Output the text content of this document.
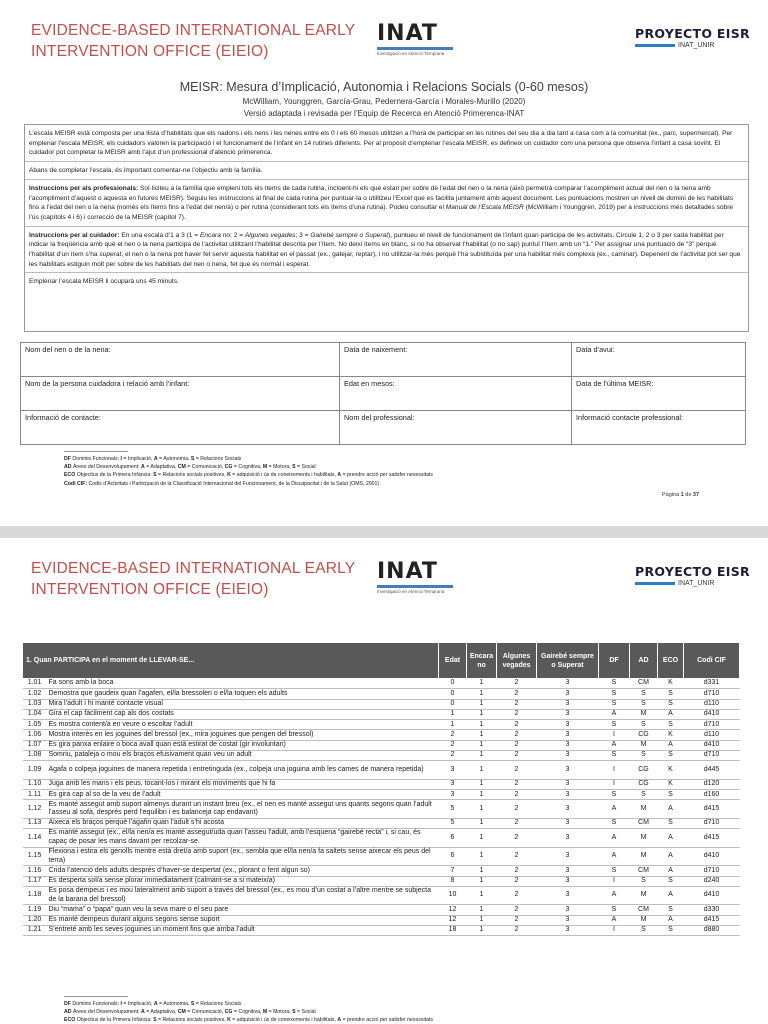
EVIDENCE-BASED INTERNATIONAL EARLY
INTERVENTION OFFICE (EIEIO)
INAT
Investigació en Atenció Temprana
PROYECTO EISR
INAT_UNIR
MEISR: Mesura d’Implicació, Autonomia i Relacions Socials (0-60 mesos)
McWilliam, Younggren, García-Grau, Pedernera-García i Morales-Murillo (2020)
Versió adaptada i revisada per l’Equip de Recerca en Atenció Primerenca-INAT
L’escala MEISR està composta per una llista d’habilitats que els nadons i els nens i les nenes entre els 0 i els 60 mesos utilitzen a l’hora de participar en les rutines del seu dia a dia tant a casa com a la comunitat (ex., parc, supermercat). Per emplenar l’escala MEISR, els cuidadors valoren la participació i el funcionament de l’infant en 14 rutines diferents. Per al propòsit d’emplenar l’escala MEISR, es defineix un cuidador com una persona que observa l’infant a casa sovint. El cuidador pot completar la MEISR amb l’ajut d’un professional d’atenció primerenca.
Abans de completar l’escala, és important comentar-ne l’objectiu amb la família.
Instruccions per als professionals: Sol·liciteu a la família que empleni tots els ítems de cada rutina, incloent-hi els que estan per sobre de l’edat del nen o la nena (això permetrà comparar l’acompliment actual del nen o la nena amb l’acompliment d’aquest o aquesta en futures MEISR). Seguiu les instruccions al final de cada rutina per puntuar-la o utilitzeu l’Excel que es facilita juntament amb aquest document. Les puntuacions mostren un nivell de domini de les habilitats fins a l’edat del nen o la nena (només els ítems fins a l’edat del nen/a) o per rutina (considerant tots els ítems d’una rutina). Podeu consultar el Manual de l’Escala MEISR (McWilliam i Younggren, 2019) per a instruccions més detallades sobre l’ús (capítols 4 i 6) i correcció de la MEISR (capítol 7).
Instruccions per al cuidador: En una escala d’1 a 3 (1 = Encara no; 2 = Algunes vegades; 3 = Gairebé sempre o Superat), puntueu el nivell de funcionament de l’infant quan participa de les activitats. Circule 1, 2 o 3 per cada habilitat per indicar la freqüència amb què el nen o la nena participa de l’activitat utilitzant l’habilitat descrita per l’ítem. No deixi ítems en blanc, si no ha observat l’habilitat (o no sap) puntuï l’ítem amb un “1.” Per assignar una puntuació de “3” perquè l’habilitat d’un ítem s’ha superat, el nen o la nena pot haver fet servir aquesta habilitat en el passat (ex., gatejar, reptar), i no utilitzar-la més perquè l’ha substituïda per una habilitat més complexa (ex., caminar). Depenent de l’activitat pot ser que les habilitats estiguin molt per sobre de les habilitats del nen o nena, fet que és normal i esperat.
Emplenar l’escala MEISR li ocuparà uns 45 minuts.
Nom del nen o de la nena:	Data de naixement:	Data d’avui:
Nom de la persona cuidadora i relació amb l’infant:	Edat en mesos:	Data de l’última MEISR:
Informació de contacte:	Nom del professional:	Informació contacte professional:
DF Dominis Funcionals: I = Implicació, A = Autonomia, S = Relacions Socials
AD Àrees del Desenvolupament: A = Adaptativa, CM = Comunicació, CG = Cognitiva, M = Motora, S = Social
ECO Objectius de la Primera Infància: S = Relacions socials positives, K = adquisició i ús de coneixements i habilitats, A = prendre acció per satisfer necessitats
Codi CIF: Codis d’Activitats i Participació de la Classificació Internacional del Funcionament, de la Discapacitat i de la Salut (OMS, 2001)
Pàgina 1 de 37
EVIDENCE-BASED INTERNATIONAL EARLY
INTERVENTION OFFICE (EIEIO)
INAT
Investigació en Atenció Temprana
PROYECTO EISR
INAT_UNIR
1. Quan PARTICIPA en el moment de LLEVAR-SE...		Edat	Encara no	Algunes vegades	Gairebé sempre o Superat	DF	AD	ECO	Codi CIF
1.01	Fa sons amb la boca	0	1	2	3	S	CM	K	d331
1.02	Demostra que gaudeix quan l’agafen, el/la bressolen o el/la toquen els adults	0	1	2	3	S	S	S	d710
1.03	Mira l’adult i hi manté contacte visual	0	1	2	3	S	S	S	d110
1.04	Gira el cap fàcilment cap als dos costats	1	1	2	3	A	M	A	d410
1.05	Es mostra content/a en veure o escoltar l’adult	1	1	2	3	S	S	S	d710
1.06	Mostra interès en les joguines del bressol (ex., mira joguines que pengen del bressol)	2	1	2	3	I	CG	K	d110
1.07	Es gira panxa enlaire o boca avall quan està estirat de costat (gir involuntari)	2	1	2	3	A	M	A	d410
1.08	Somriu, pataleja o mou els braços efusivament quan veu un adult	2	1	2	3	S	S	S	d710
1.09	Agafa o colpeja joguines de manera repetida i entretinguda (ex., colpeja una joguina amb les cames de manera repetida)	3	1	2	3	I	CG	K	d445
1.10	Juga amb les mans i els peus, tocant-los i mirant els moviments que hi fa	3	1	2	3	I	CG	K	d120
1.11	Es gira cap al so de la veu de l’adult	3	1	2	3	S	S	S	d160
1.12	Es manté assegut amb suport almenys durant un instant breu (ex., el nen es manté assegut uns quants segons quan l’adult l’asseu al sofà, després perd l’equilibri i es balanceja cap endavant)	5	1	2	3	A	M	A	d415
1.13	Aixeca els braços perquè l’agafin quan l’adult s’hi acosta	5	1	2	3	S	CM	S	d710
1.14	Es manté assegut (ex., el/la nen/a es manté assegut/uda quan l’asseu l’adult, amb l’esquena “gairebé recta” i, si cau, és capaç de posar les mans davant per recolzar-se.	6	1	2	3	A	M	A	d415
1.15	Flexiona i estira els genolls mentre està dret/a amb suport (ex., sembla que el/la nen/a fa saltets sense aixecar els peus del terra)	6	1	2	3	A	M	A	d410
1.16	Crida l’atenció dels adults després d’haver-se despertat (ex., plorant o fent algun so)	7	1	2	3	S	CM	A	d710
1.17	Es desperta sol/a sense plorar immediatament (calmant-se a si mateix/a)	8	1	2	3	I	S	S	d240
1.18	Es posa dempeus i es mou lateralment amb suport a través del bressol (ex., es mou d’un costat a l’altre mentre se subjecta de la barana del bressol)	10	1	2	3	A	M	A	d410
1.19	Diu “mama” o “papa” quan veu la seva mare o el seu pare	12	1	2	3	S	CM	S	d330
1.20	Es manté dempeus durant alguns segons sense suport	12	1	2	3	A	M	A	d415
1.21	S’entreté amb les seves joguines un moment fins que arriba l’adult	18	1	2	3	I	S	S	d880
DF Dominis Funcionals: I = Implicació, A = Autonomia, S = Relacions Socials
AD Àrees del Desenvolupament: A = Adaptativa, CM = Comunicació, CG = Cognitiva, M = Motora, S = Social
ECO Objectius de la Primera Infància: S = Relacions socials positives, K = adquisició i ús de coneixements i habilitats, A = prendre acció per satisfer necessitats
